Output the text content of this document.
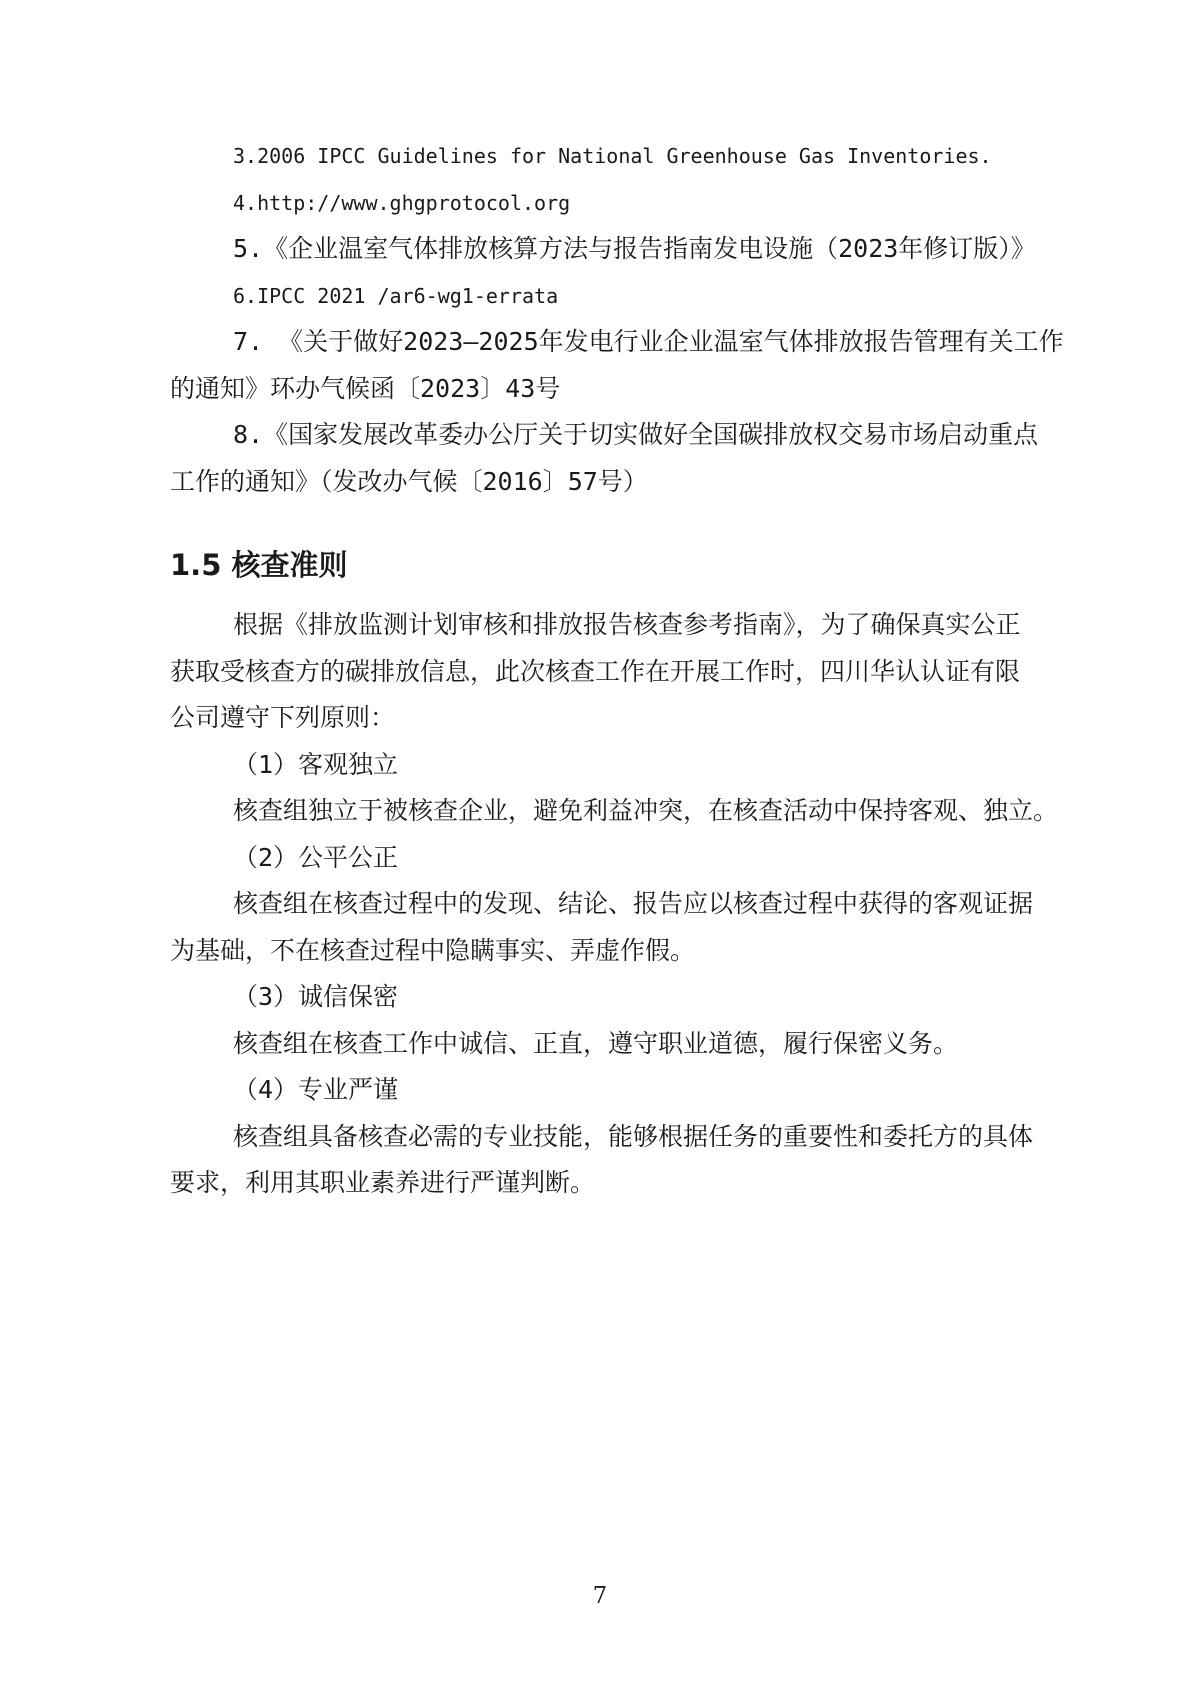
3.2006 IPCC Guidelines for National Greenhouse Gas Inventories.
4.http://www.ghgprotocol.org
5.《企业温室气体排放核算方法与报告指南发电设施（2023年修订版）》
6.IPCC 2021 /ar6-wg1-errata
7. 《关于做好2023—2025年发电行业企业温室气体排放报告管理有关工作
的通知》环办气候函〔2023〕43号
8.《国家发展改革委办公厅关于切实做好全国碳排放权交易市场启动重点
工作的通知》（发改办气候〔2016〕57号）
1.5 核查准则
根据《排放监测计划审核和排放报告核查参考指南》，为了确保真实公正
获取受核查方的碳排放信息，此次核查工作在开展工作时，四川华认认证有限
公司遵守下列原则：
（1）客观独立
核查组独立于被核查企业，避免利益冲突，在核查活动中保持客观、独立。
（2）公平公正
核查组在核查过程中的发现、结论、报告应以核查过程中获得的客观证据
为基础，不在核查过程中隐瞒事实、弄虚作假。
（3）诚信保密
核查组在核查工作中诚信、正直，遵守职业道德，履行保密义务。
（4）专业严谨
核查组具备核查必需的专业技能，能够根据任务的重要性和委托方的具体
要求，利用其职业素养进行严谨判断。
7
